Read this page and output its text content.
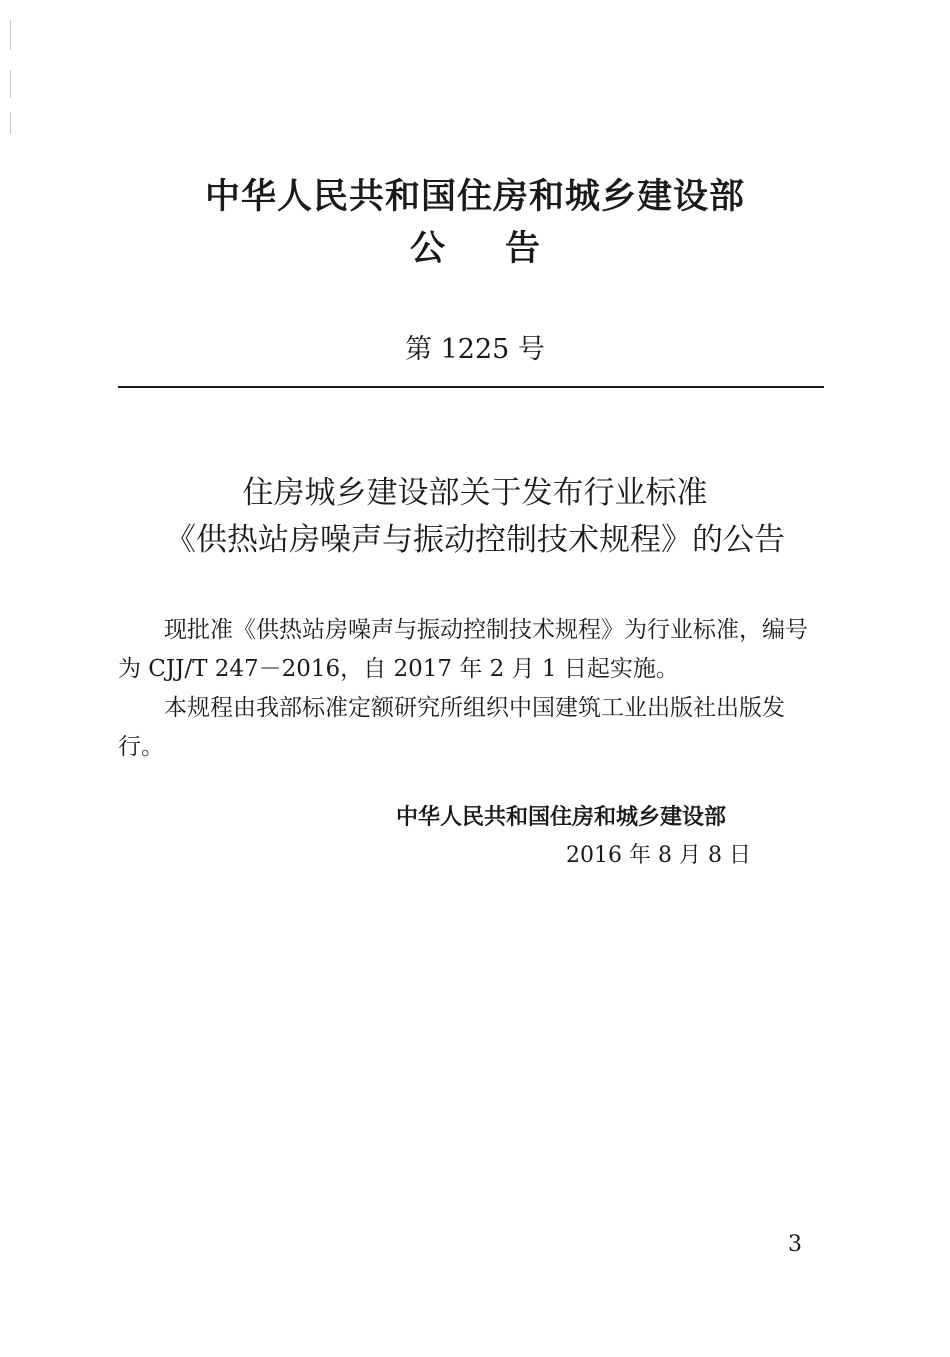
中华人民共和国住房和城乡建设部
公告
第 1225 号
住房城乡建设部关于发布行业标准
《供热站房噪声与振动控制技术规程》的公告

现批准《供热站房噪声与振动控制技术规程》为行业标准，编号为 CJJ/T 247－2016，自 2017 年 2 月 1 日起实施。

本规程由我部标准定额研究所组织中国建筑工业出版社出版发行。

中华人民共和国住房和城乡建设部
2016 年 8 月 8 日
3
